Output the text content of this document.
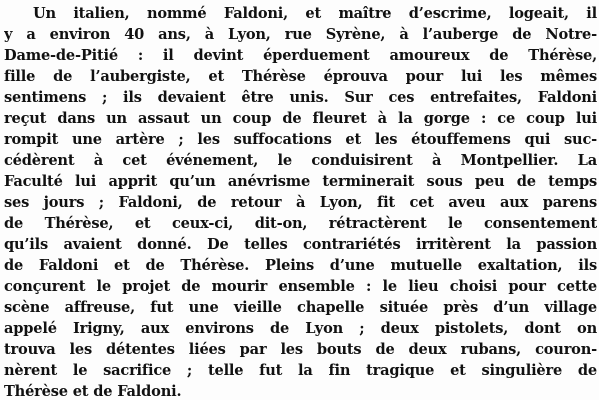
Un italien, nommé Faldoni, et maître d’escrime, logeait, il
y a environ 40 ans, à Lyon, rue Syrène, à l’auberge de Notre-
Dame-de-Pitié : il devint éperduement amoureux de Thérèse,
fille de l’aubergiste, et Thérèse éprouva pour lui les mêmes
sentimens ; ils devaient être unis. Sur ces entrefaites, Faldoni
reçut dans un assaut un coup de fleuret à la gorge : ce coup lui
rompit une artère ; les suffocations et les étouffemens qui suc-
cédèrent à cet événement, le conduisirent à Montpellier. La
Faculté lui apprit qu’un anévrisme terminerait sous peu de temps
ses jours ; Faldoni, de retour à Lyon, fit cet aveu aux parens
de Thérèse, et ceux-ci, dit-on, rétractèrent le consentement
qu’ils avaient donné. De telles contrariétés irritèrent la passion
de Faldoni et de Thérèse. Pleins d’une mutuelle exaltation, ils
conçurent le projet de mourir ensemble : le lieu choisi pour cette
scène affreuse, fut une vieille chapelle située près d’un village
appelé Irigny, aux environs de Lyon ; deux pistolets, dont on
trouva les détentes liées par les bouts de deux rubans, couron-
nèrent le sacrifice ; telle fut la fin tragique et singulière de
Thérèse et de Faldoni.
